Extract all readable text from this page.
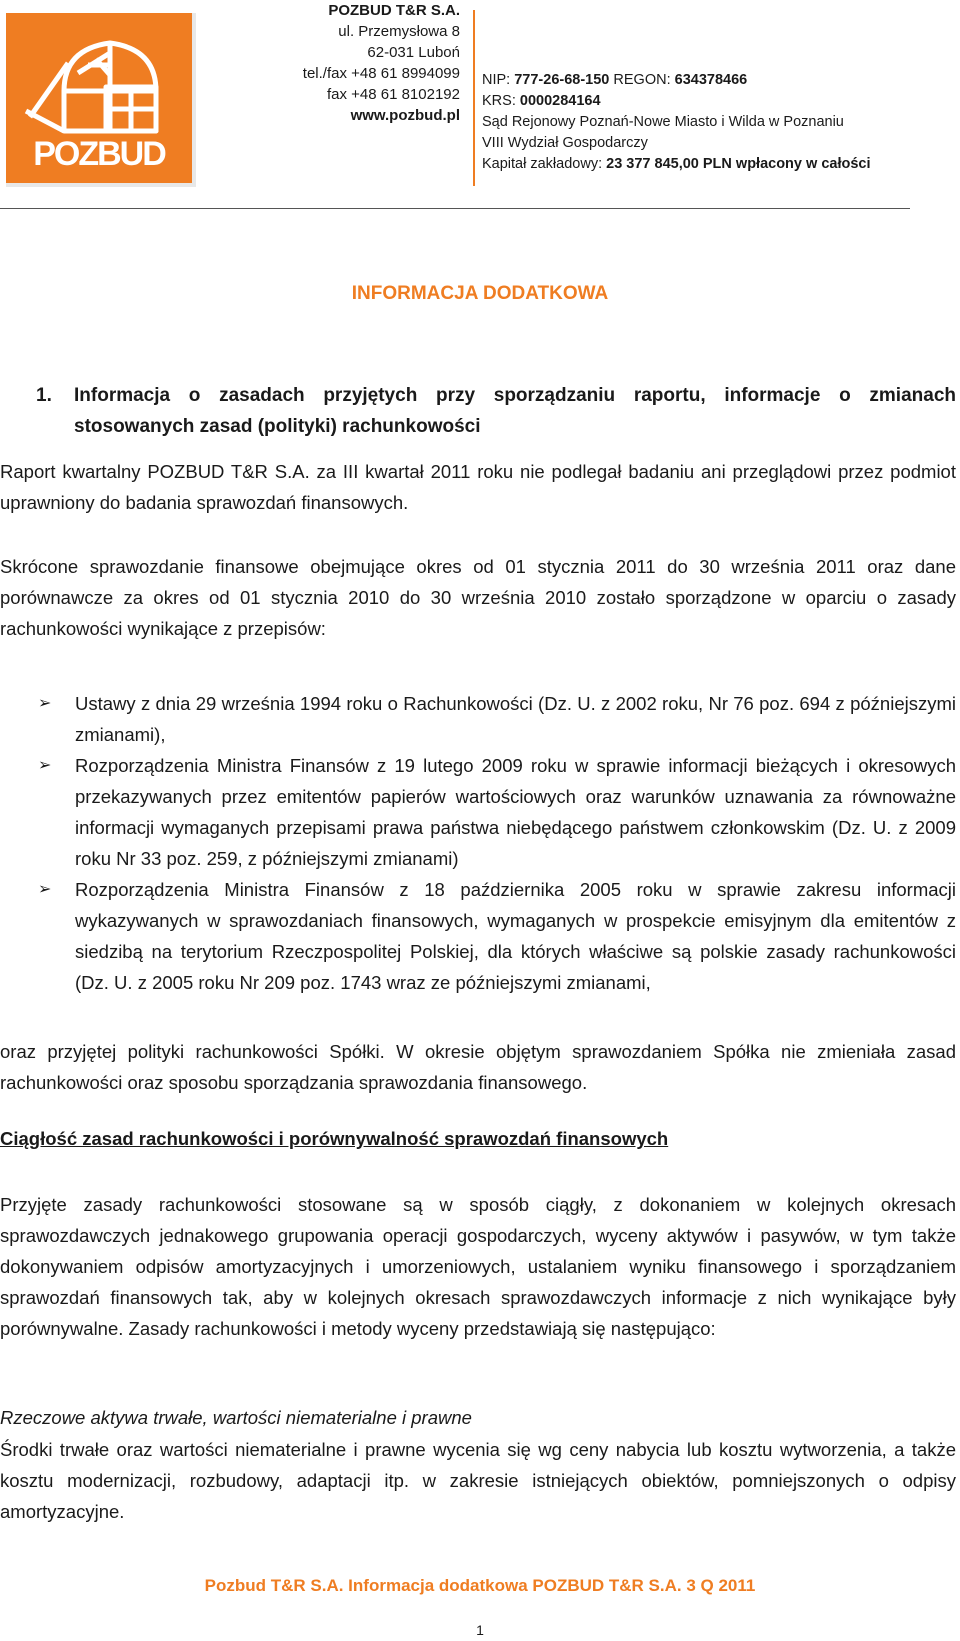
POZBUD
POZBUD T&R S.A.
ul. Przemysłowa 8
62-031 Luboń
tel./fax +48 61 8994099
fax +48 61 8102192
www.pozbud.pl
NIP: 777-26-68-150 REGON: 634378466
KRS: 0000284164
Sąd Rejonowy Poznań-Nowe Miasto i Wilda w Poznaniu
VIII Wydział Gospodarczy
Kapitał zakładowy: 23 377 845,00 PLN wpłacony w całości
INFORMACJA DODATKOWA
1. Informacja o zasadach przyjętych przy sporządzaniu raportu, informacje o zmianach stosowanych zasad (polityki) rachunkowości
Raport kwartalny POZBUD T&R S.A. za III kwartał 2011 roku nie podlegał badaniu ani przeglądowi przez podmiot uprawniony do badania sprawozdań finansowych.
Skrócone sprawozdanie finansowe obejmujące okres od 01 stycznia 2011 do 30 września 2011 oraz dane porównawcze za okres od 01 stycznia 2010 do 30 września 2010 zostało sporządzone w oparciu o zasady rachunkowości wynikające z przepisów:
➢ Ustawy z dnia 29 września 1994 roku o Rachunkowości (Dz. U. z 2002 roku, Nr 76 poz. 694 z późniejszymi zmianami),
➢ Rozporządzenia Ministra Finansów z 19 lutego 2009 roku w sprawie informacji bieżących i okresowych przekazywanych przez emitentów papierów wartościowych oraz warunków uznawania za równoważne informacji wymaganych przepisami prawa państwa niebędącego państwem członkowskim (Dz. U. z 2009 roku Nr 33 poz. 259, z późniejszymi zmianami)
➢ Rozporządzenia Ministra Finansów z 18 października 2005 roku w sprawie zakresu informacji wykazywanych w sprawozdaniach finansowych, wymaganych w prospekcie emisyjnym dla emitentów z siedzibą na terytorium Rzeczpospolitej Polskiej, dla których właściwe są polskie zasady rachunkowości (Dz. U. z 2005 roku Nr 209 poz. 1743 wraz ze późniejszymi zmianami,
oraz przyjętej polityki rachunkowości Spółki. W okresie objętym sprawozdaniem Spółka nie zmieniała zasad rachunkowości oraz sposobu sporządzania sprawozdania finansowego.
Ciągłość zasad rachunkowości i porównywalność sprawozdań finansowych
Przyjęte zasady rachunkowości stosowane są w sposób ciągły, z dokonaniem w kolejnych okresach sprawozdawczych jednakowego grupowania operacji gospodarczych, wyceny aktywów i pasywów, w tym także dokonywaniem odpisów amortyzacyjnych i umorzeniowych, ustalaniem wyniku finansowego i sporządzaniem sprawozdań finansowych tak, aby w kolejnych okresach sprawozdawczych informacje z nich wynikające były porównywalne. Zasady rachunkowości i metody wyceny przedstawiają się następująco:
Rzeczowe aktywa trwałe, wartości niematerialne i prawne
Środki trwałe oraz wartości niematerialne i prawne wycenia się wg ceny nabycia lub kosztu wytworzenia, a także kosztu modernizacji, rozbudowy, adaptacji itp. w zakresie istniejących obiektów, pomniejszonych o odpisy amortyzacyjne.
Pozbud T&R S.A. Informacja dodatkowa POZBUD T&R S.A. 3 Q 2011
1
